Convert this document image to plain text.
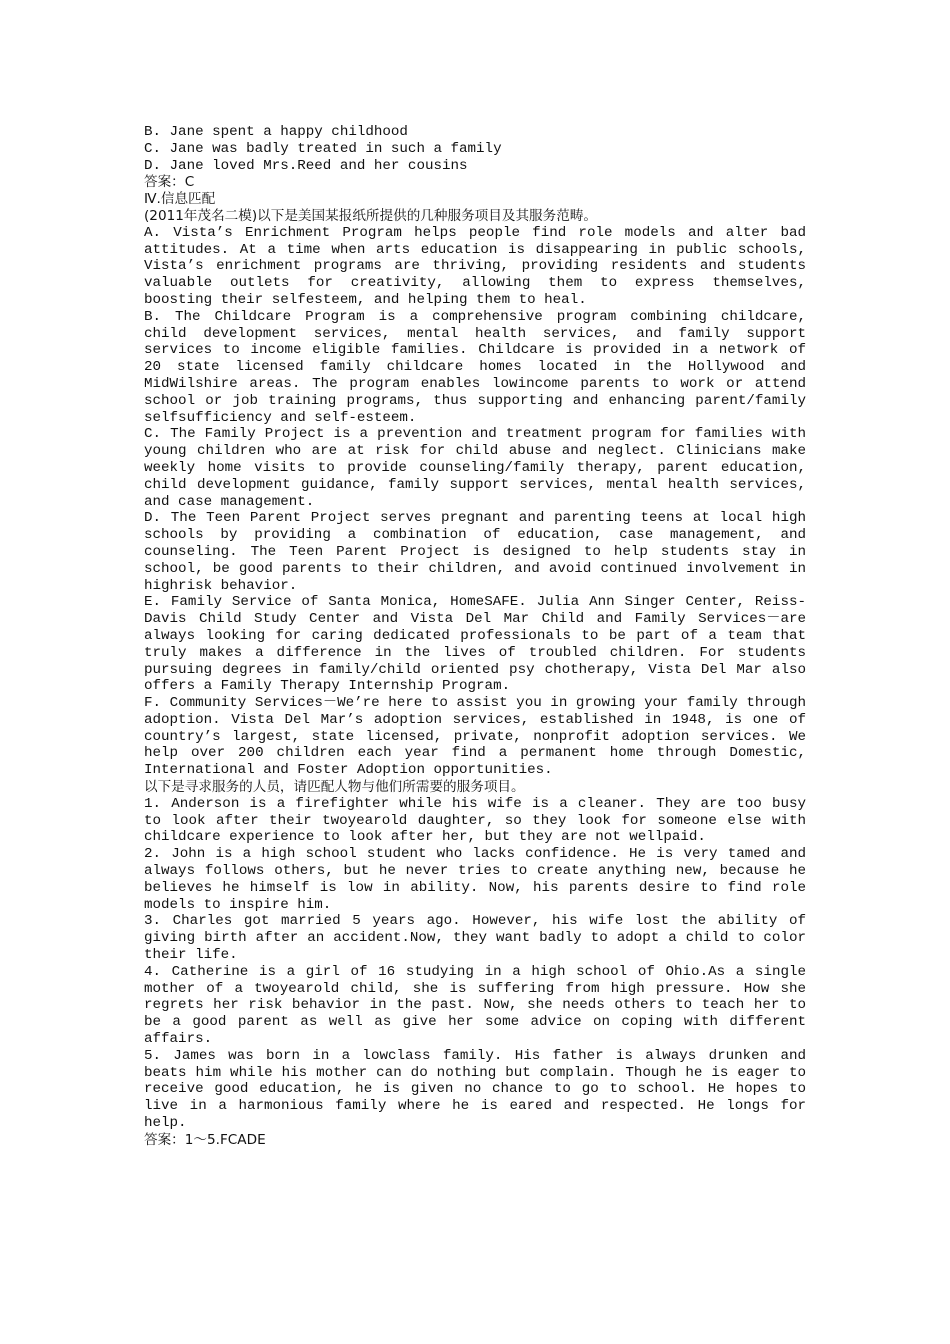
B. Jane spent a happy childhood
C. Jane was badly treated in such a family
D. Jane loved Mrs.Reed and her cousins
答案：C
Ⅳ.信息匹配
(2011年茂名二模)以下是美国某报纸所提供的几种服务项目及其服务范畴。
A. Vista’s Enrichment Program helps people find role models and alter bad attitudes. At a time when arts education is disappearing in public schools, Vista’s enrichment programs are thriving, providing residents and students valuable outlets for creativity, allowing them to express themselves, boosting their selfesteem, and helping them to heal.
B. The Childcare Program is a comprehensive program combining childcare, child development services, mental health services, and family support services to income eligible families. Childcare is provided in a network of 20 state licensed family childcare homes located in the Hollywood and MidWilshire areas. The program enables lowincome parents to work or attend school or job training programs, thus supporting and enhancing parent/family selfsufficiency and self-esteem.
C. The Family Project is a prevention and treatment program for families with young children who are at risk for child abuse and neglect. Clinicians make weekly home visits to provide counseling/family therapy, parent education, child development guidance, family support services, mental health services, and case management.
D. The Teen Parent Project serves pregnant and parenting teens at local high schools by providing a combination of education, case management, and counseling. The Teen Parent Project is designed to help students stay in school, be good parents to their children, and avoid continued involvement in highrisk behavior.
E. Family Service of Santa Monica, HomeSAFE. Julia Ann Singer Center, Reiss-Davis Child Study Center and Vista Del Mar Child and Family Services－are always looking for caring dedicated professionals to be part of a team that truly makes a difference in the lives of troubled children. For students pursuing degrees in family/child oriented psy chotherapy, Vista Del Mar also offers a Family Therapy Internship Program.
F. Community Services－We’re here to assist you in growing your family through adoption. Vista Del Mar’s adoption services, established in 1948, is one of country’s largest, state licensed, private, nonprofit adoption services. We help over 200 children each year find a permanent home through Domestic, International and Foster Adoption opportunities.
以下是寻求服务的人员，请匹配人物与他们所需要的服务项目。
1. Anderson is a firefighter while his wife is a cleaner. They are too busy to look after their twoyearold daughter, so they look for someone else with childcare experience to look after her, but they are not wellpaid.
2. John is a high school student who lacks confidence. He is very tamed and always follows others, but he never tries to create anything new, because he believes he himself is low in ability. Now, his parents desire to find role models to inspire him.
3. Charles got married 5 years ago. However, his wife lost the ability of giving birth after an accident.Now, they want badly to adopt a child to color their life.
4. Catherine is a girl of 16 studying in a high school of Ohio.As a single mother of a twoyearold child, she is suffering from high pressure. How she regrets her risk behavior in the past. Now, she needs others to teach her to be a good parent as well as give her some advice on coping with different affairs.
5. James was born in a lowclass family. His father is always drunken and beats him while his mother can do nothing but complain. Though he is eager to receive good education, he is given no chance to go to school. He hopes to live in a harmonious family where he is eared and respected. He longs for help.
答案：1～5.FCADE
